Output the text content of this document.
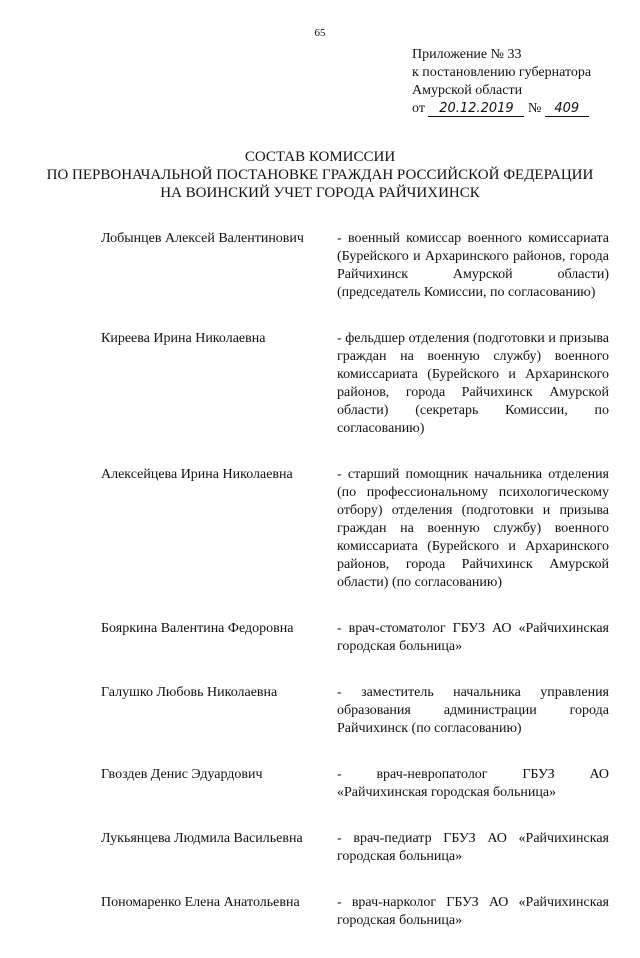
65
Приложение № 33
к постановлению губернатора
Амурской области
от 20.12.2019 № 409
СОСТАВ КОМИССИИ
ПО ПЕРВОНАЧАЛЬНОЙ ПОСТАНОВКЕ ГРАЖДАН РОССИЙСКОЙ ФЕДЕРАЦИИ
НА ВОИНСКИЙ УЧЕТ ГОРОДА РАЙЧИХИНСК
Лобынцев Алексей Валентинович	- военный комиссар военного комиссариата (Бурейского и Архаринского районов, города Райчихинск Амурской области) (председатель Комиссии, по согласованию)
Киреева Ирина Николаевна	- фельдшер отделения (подготовки и призыва граждан на военную службу) военного комиссариата (Бурейского и Архаринского районов, города Райчихинск Амурской области) (секретарь Комиссии, по согласованию)
Алексейцева Ирина Николаевна	- старший помощник начальника отделения (по профессиональному психологическому отбору) отделения (подготовки и призыва граждан на военную службу) военного комиссариата (Бурейского и Архаринского районов, города Райчихинск Амурской области) (по согласованию)
Бояркина Валентина Федоровна	- врач-стоматолог ГБУЗ АО «Райчихинская городская больница»
Галушко Любовь Николаевна	- заместитель начальника управления образования администрации города Райчихинск (по согласованию)
Гвоздев Денис Эдуардович	- врач-невропатолог ГБУЗ АО «Райчихинская городская больница»
Лукьянцева Людмила Васильевна	- врач-педиатр ГБУЗ АО «Райчихинская городская больница»
Пономаренко Елена Анатольевна	- врач-нарколог ГБУЗ АО «Райчихинская городская больница»
